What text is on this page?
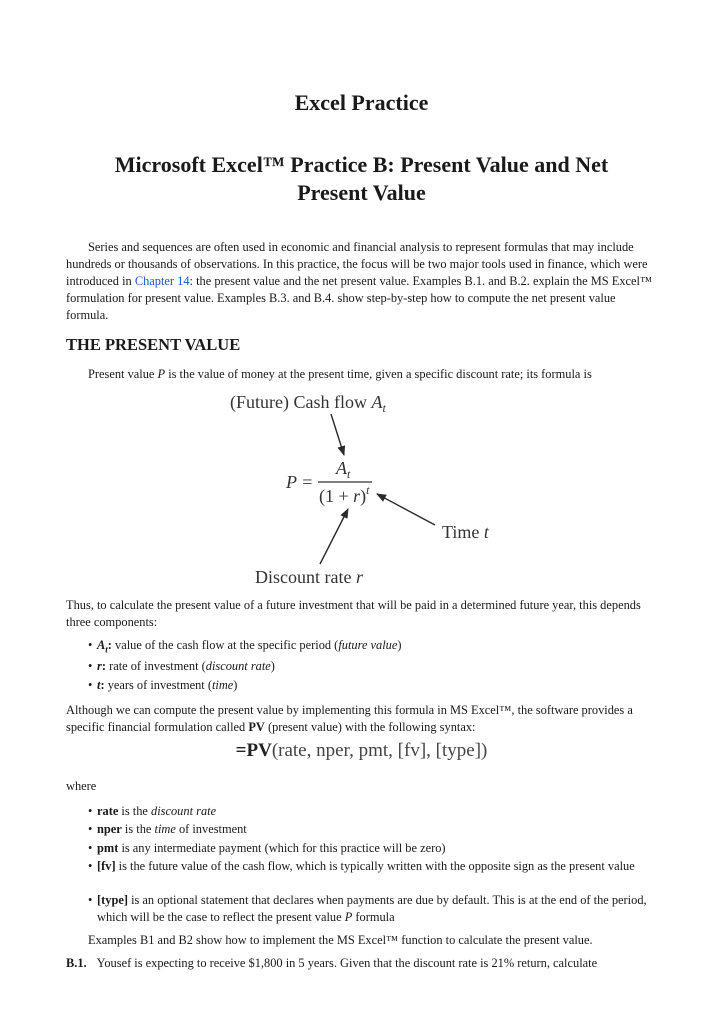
Excel Practice
Microsoft Excel™ Practice B: Present Value and Net Present Value
Series and sequences are often used in economic and financial analysis to represent formulas that may include hundreds or thousands of observations. In this practice, the focus will be two major tools used in finance, which were introduced in Chapter 14: the present value and the net present value. Examples B.1. and B.2. explain the MS Excel™ formulation for present value. Examples B.3. and B.4. show step-by-step how to compute the net present value formula.
THE PRESENT VALUE
Present value P is the value of money at the present time, given a specific discount rate; its formula is
(Future) Cash flow $A_t$
$A_t$
P =
$(1 + r)^t$
Time t
Discount rate r
Thus, to calculate the present value of a future investment that will be paid in a determined future year, this depends three components:
• $A_t$: value of the cash flow at the specific period (future value)
• r: rate of investment (discount rate)
• t: years of investment (time)
Although we can compute the present value by implementing this formula in MS Excel™, the software provides a specific financial formulation called PV (present value) with the following syntax:
=PV(rate, nper, pmt, [fv], [type])
where
• rate is the discount rate
• nper is the time of investment
• pmt is any intermediate payment (which for this practice will be zero)
• [fv] is the future value of the cash flow, which is typically written with the opposite sign as the present value
• [type] is an optional statement that declares when payments are due by default. This is at the end of the period, which will be the case to reflect the present value P formula
Examples B1 and B2 show how to implement the MS Excel™ function to calculate the present value.
B.1. Yousef is expecting to receive $1,800 in 5 years. Given that the discount rate is 21% return, calculate
